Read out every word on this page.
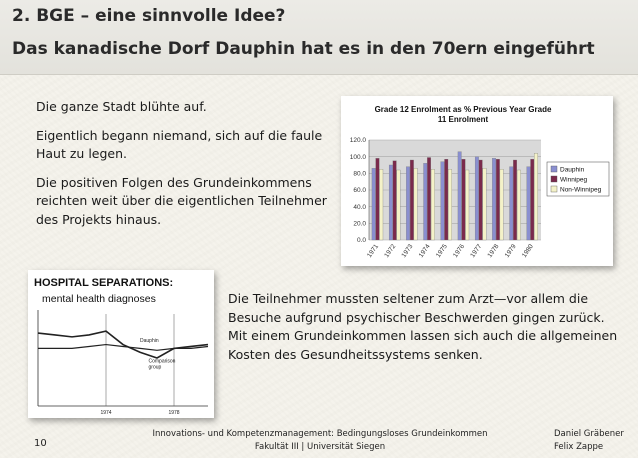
2. BGE – eine sinnvolle Idee?
Das kanadische Dorf Dauphin hat es in den 70ern eingeführt

Die ganze Stadt blühte auf.

Eigentlich begann niemand, sich auf die faule Haut zu legen.

Die positiven Folgen des Grundeinkommens reichten weit über die eigentlichen Teilnehmer des Projekts hinaus.

Grade 12 Enrolment as % Previous Year Grade
11 Enrolment
0.0
20.0
40.0
60.0
80.0
100.0
120.0
1971 1972 1973 1974 1975 1976 1977 1978 1979 1980
Dauphin
Winnipeg
Non-Winnipeg
HOSPITAL SEPARATIONS:
mental health diagnoses
1974	1978
Dauphin
Comparison
group

Die Teilnehmer mussten seltener zum Arzt—vor allem die Besuche aufgrund psychischer Beschwerden gingen zurück. Mit einem Grundeinkommen lassen sich auch die allgemeinen Kosten des Gesundheitssystems senken.

10
Innovations- und Kompetenzmanagement: Bedingungsloses Grundeinkommen
Fakultät III | Universität Siegen
Daniel Gräbener
Felix Zappe
